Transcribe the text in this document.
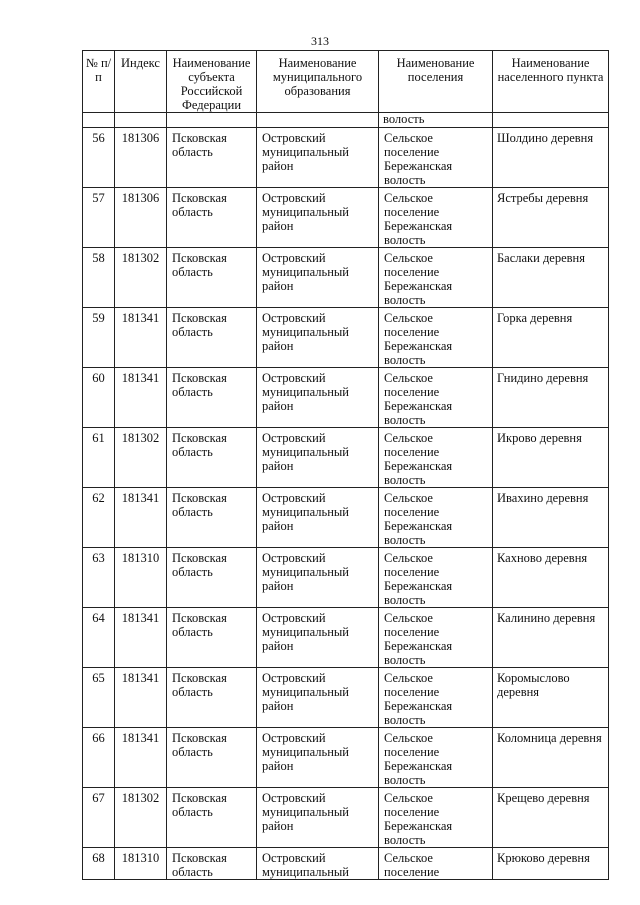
313
№ п/п	Индекс	Наименование субъекта Российской Федерации	Наименование муниципального образования	Наименование поселения	Наименование населенного пункта

				волость	

56	181306	Псковская область	Островский муниципальный район	Сельское поселение Бережанская волость	Шолдино деревня

57	181306	Псковская область	Островский муниципальный район	Сельское поселение Бережанская волость	Ястребы деревня

58	181302	Псковская область	Островский муниципальный район	Сельское поселение Бережанская волость	Баслаки деревня

59	181341	Псковская область	Островский муниципальный район	Сельское поселение Бережанская волость	Горка деревня

60	181341	Псковская область	Островский муниципальный район	Сельское поселение Бережанская волость	Гнидино деревня

61	181302	Псковская область	Островский муниципальный район	Сельское поселение Бережанская волость	Икрово деревня

62	181341	Псковская область	Островский муниципальный район	Сельское поселение Бережанская волость	Ивахино деревня

63	181310	Псковская область	Островский муниципальный район	Сельское поселение Бережанская волость	Кахново деревня

64	181341	Псковская область	Островский муниципальный район	Сельское поселение Бережанская волость	Калинино деревня

65	181341	Псковская область	Островский муниципальный район	Сельское поселение Бережанская волость	Коромыслово деревня

66	181341	Псковская область	Островский муниципальный район	Сельское поселение Бережанская волость	Коломница деревня

67	181302	Псковская область	Островский муниципальный район	Сельское поселение Бережанская волость	Крещево деревня

68	181310	Псковская область	Островский муниципальный	Сельское поселение	Крюково деревня
